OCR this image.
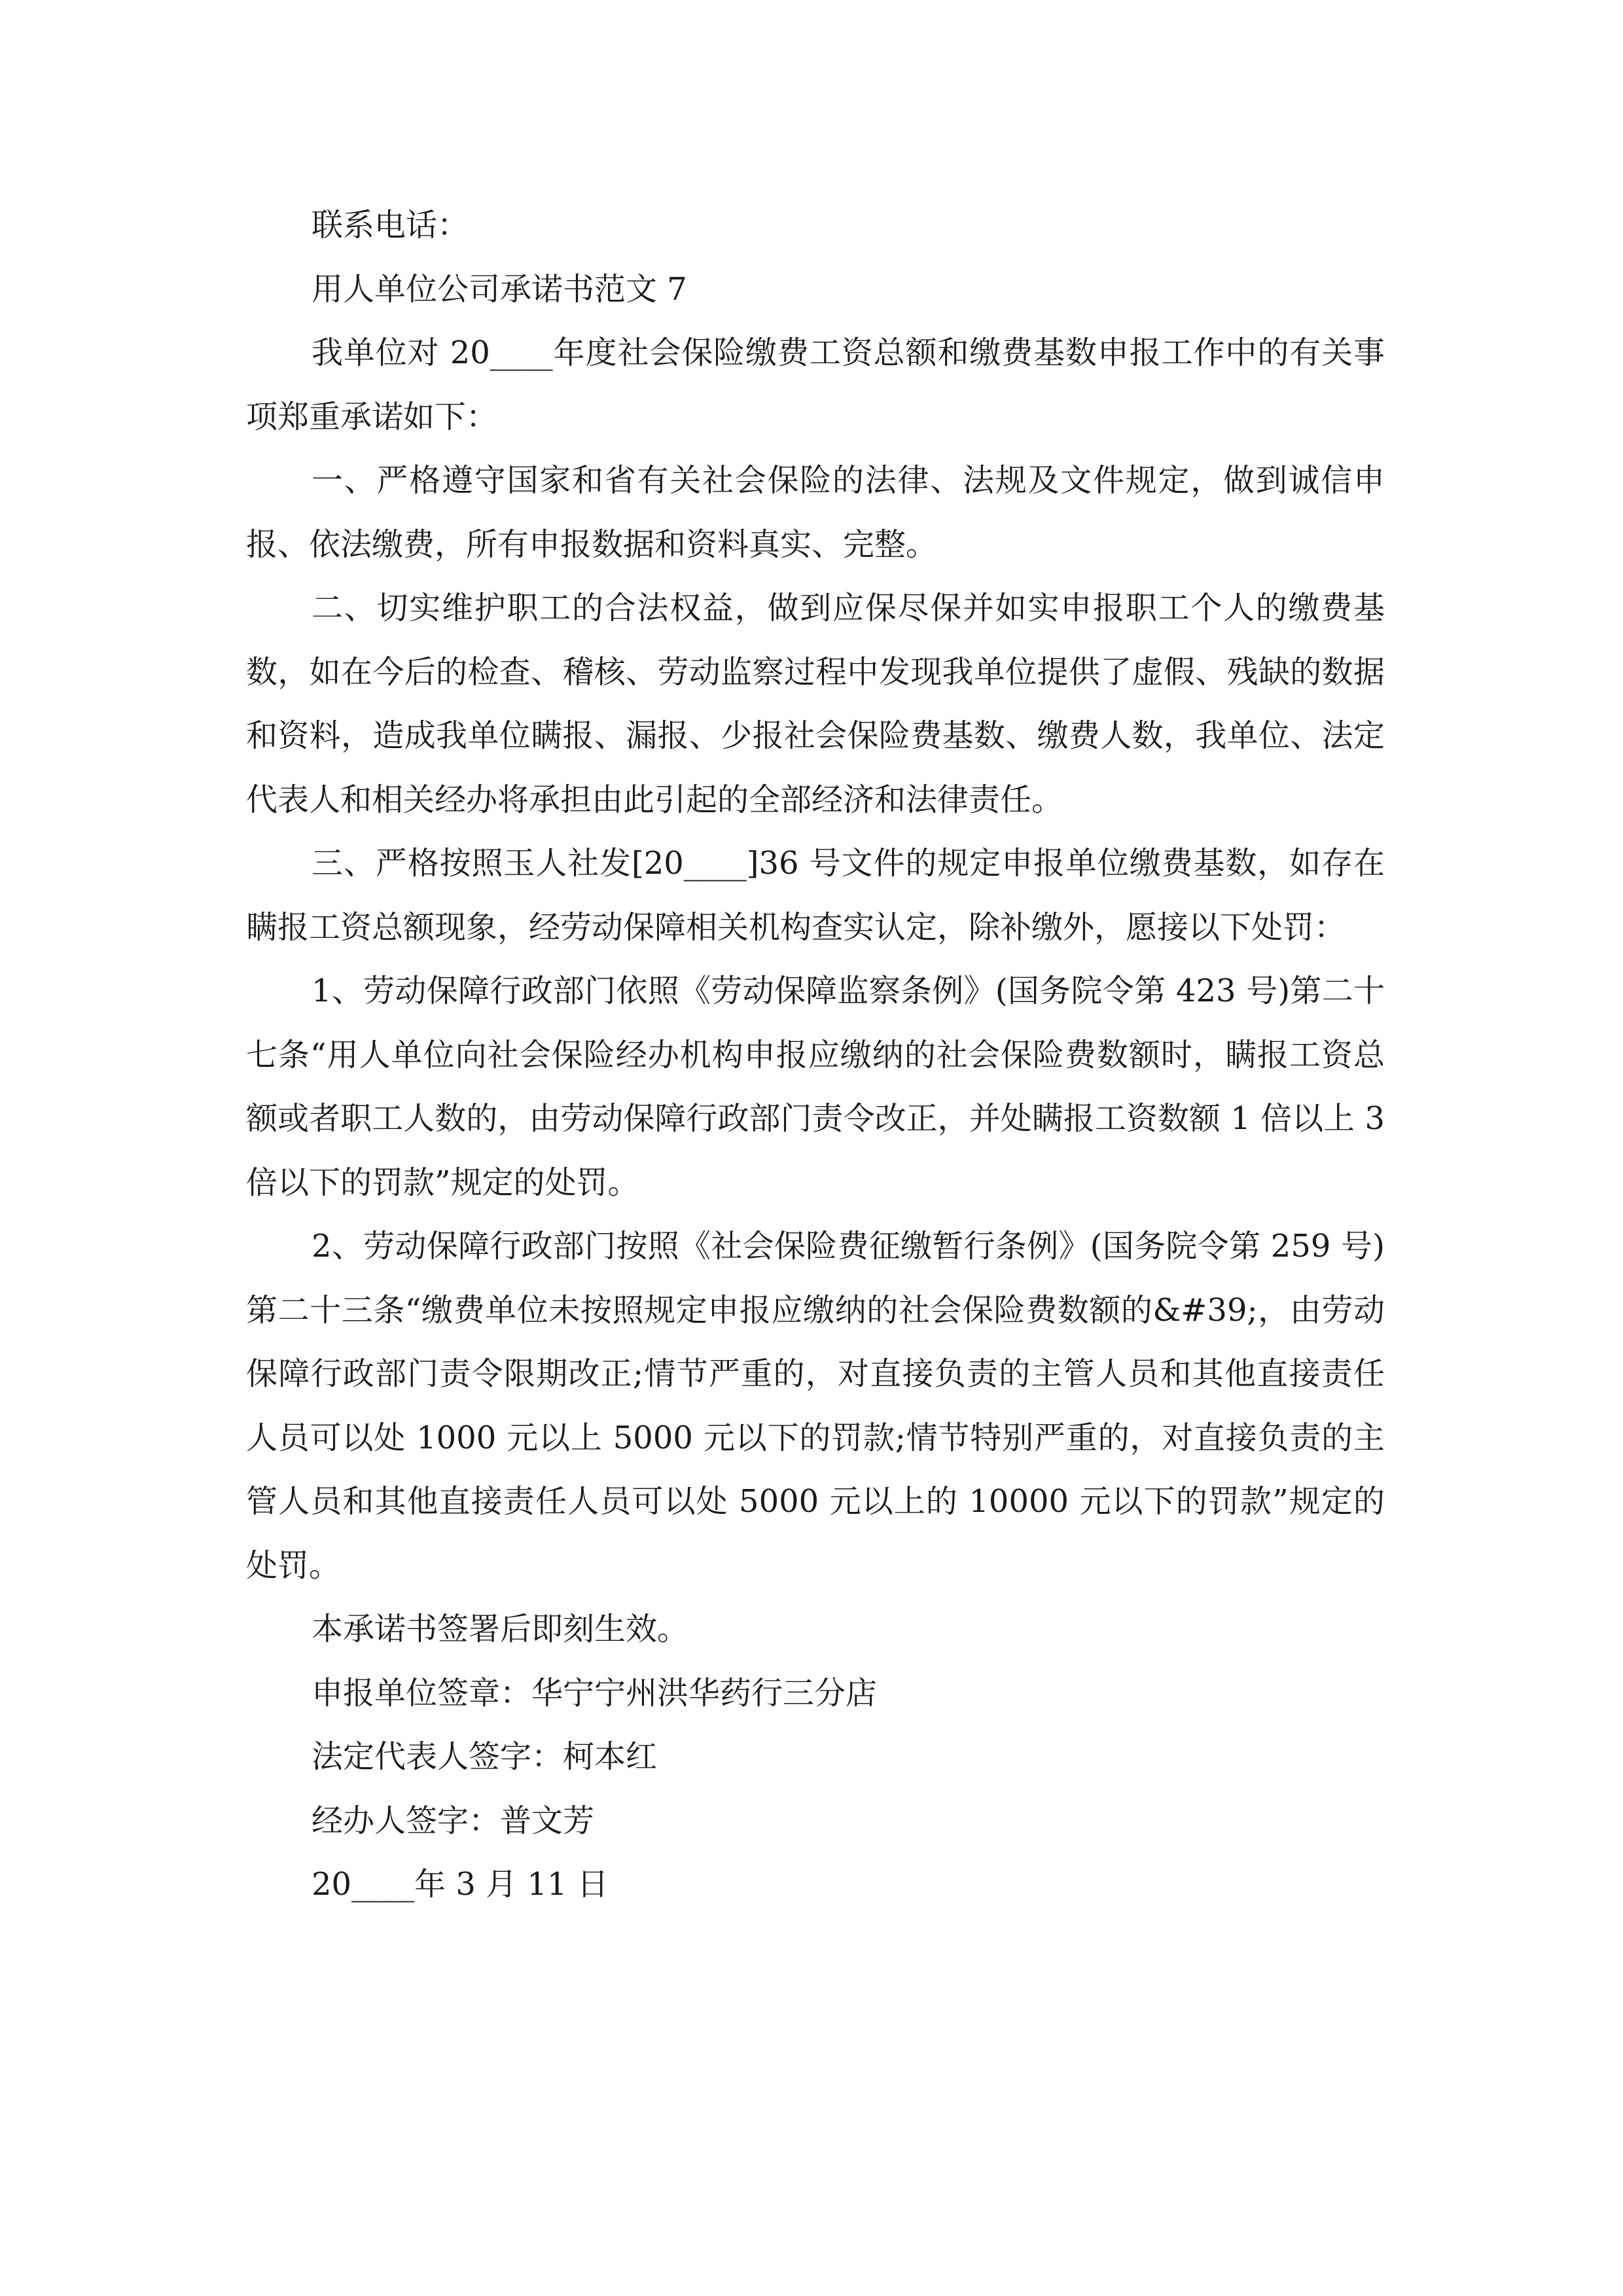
联系电话：

用人单位公司承诺书范文 7

我单位对 20____年度社会保险缴费工资总额和缴费基数申报工作中的有关事项郑重承诺如下：

一、严格遵守国家和省有关社会保险的法律、法规及文件规定，做到诚信申报、依法缴费，所有申报数据和资料真实、完整。

二、切实维护职工的合法权益，做到应保尽保并如实申报职工个人的缴费基数，如在今后的检查、稽核、劳动监察过程中发现我单位提供了虚假、残缺的数据和资料，造成我单位瞒报、漏报、少报社会保险费基数、缴费人数，我单位、法定代表人和相关经办将承担由此引起的全部经济和法律责任。

三、严格按照玉人社发[20____]36 号文件的规定申报单位缴费基数，如存在瞒报工资总额现象，经劳动保障相关机构查实认定，除补缴外，愿接以下处罚：

1、劳动保障行政部门依照《劳动保障监察条例》(国务院令第 423 号)第二十七条“用人单位向社会保险经办机构申报应缴纳的社会保险费数额时，瞒报工资总额或者职工人数的，由劳动保障行政部门责令改正，并处瞒报工资数额 1 倍以上 3 倍以下的罚款”规定的处罚。

2、劳动保障行政部门按照《社会保险费征缴暂行条例》(国务院令第 259 号)第二十三条“缴费单位未按照规定申报应缴纳的社会保险费数额的&#39;，由劳动保障行政部门责令限期改正;情节严重的，对直接负责的主管人员和其他直接责任人员可以处 1000 元以上 5000 元以下的罚款;情节特别严重的，对直接负责的主管人员和其他直接责任人员可以处 5000 元以上的 10000 元以下的罚款”规定的处罚。

本承诺书签署后即刻生效。

申报单位签章：华宁宁州洪华药行三分店

法定代表人签字：柯本红

经办人签字：普文芳

20____年 3 月 11 日
